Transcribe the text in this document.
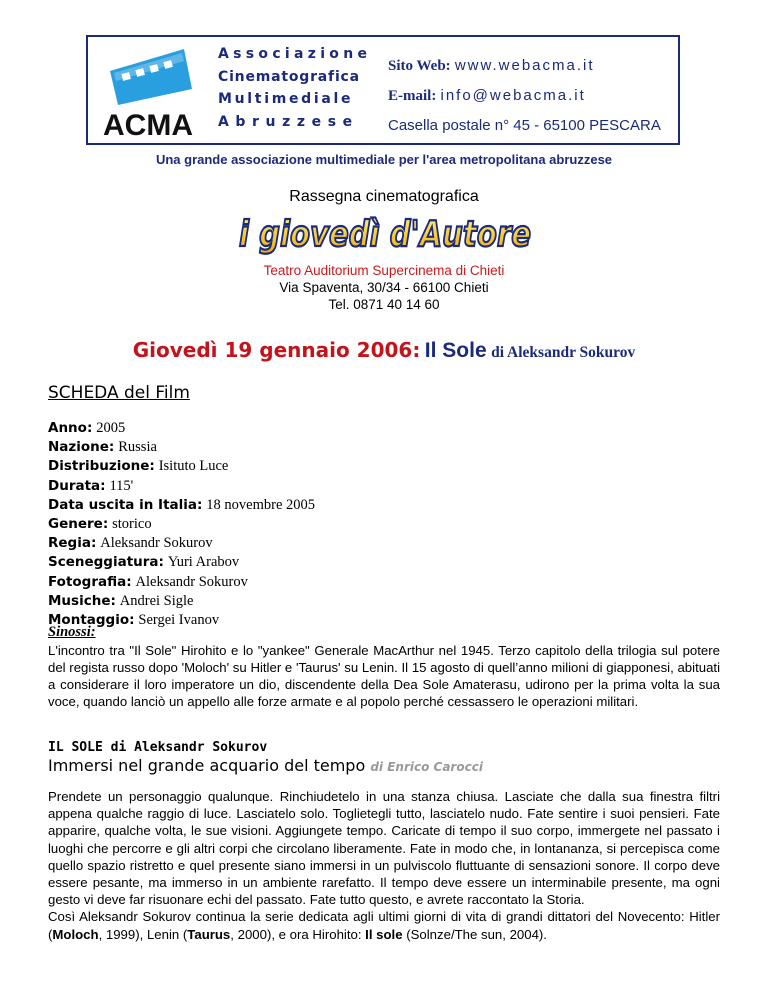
ACMA
Associazione
Cinematografica
Multimediale
Abruzzese
Sito Web: www.webacma.it
E-mail: info@webacma.it
Casella postale n° 45 - 65100 PESCARA
Una grande associazione multimediale per l'area metropolitana abruzzese
Rassegna cinematografica
i giovedì d'Autore
Teatro Auditorium Supercinema di Chieti
Via Spaventa, 30/34 - 66100 Chieti
Tel. 0871 40 14 60
Giovedì 19 gennaio 2006: Il Sole di Aleksandr Sokurov
SCHEDA del Film
Anno: 2005
Nazione: Russia
Distribuzione: Isituto Luce
Durata: 115'
Data uscita in Italia: 18 novembre 2005
Genere: storico
Regia: Aleksandr Sokurov
Sceneggiatura: Yuri Arabov
Fotografia: Aleksandr Sokurov
Musiche: Andrei Sigle
Montaggio: Sergei Ivanov
Sinossi:
L'incontro tra "Il Sole" Hirohito e lo "yankee" Generale MacArthur nel 1945. Terzo capitolo della trilogia sul potere del regista russo dopo 'Moloch' su Hitler e 'Taurus' su Lenin. Il 15 agosto di quell’anno milioni di giapponesi, abituati a considerare il loro imperatore un dio, discendente della Dea Sole Amaterasu, udirono per la prima volta la sua voce, quando lanciò un appello alle forze armate e al popolo perché cessassero le operazioni militari.
IL SOLE di Aleksandr Sokurov
Immersi nel grande acquario del tempo di Enrico Carocci
Prendete un personaggio qualunque. Rinchiudetelo in una stanza chiusa. Lasciate che dalla sua finestra filtri appena qualche raggio di luce. Lasciatelo solo. Toglietegli tutto, lasciatelo nudo. Fate sentire i suoi pensieri. Fate apparire, qualche volta, le sue visioni. Aggiungete tempo. Caricate di tempo il suo corpo, immergete nel passato i luoghi che percorre e gli altri corpi che circolano liberamente. Fate in modo che, in lontananza, si percepisca come quello spazio ristretto e quel presente siano immersi in un pulviscolo fluttuante di sensazioni sonore. Il corpo deve essere pesante, ma immerso in un ambiente rarefatto. Il tempo deve essere un interminabile presente, ma ogni gesto vi deve far risuonare echi del passato. Fate tutto questo, e avrete raccontato la Storia.
Così Aleksandr Sokurov continua la serie dedicata agli ultimi giorni di vita di grandi dittatori del Novecento: Hitler (Moloch, 1999), Lenin (Taurus, 2000), e ora Hirohito: Il sole (Solnze/The sun, 2004).
